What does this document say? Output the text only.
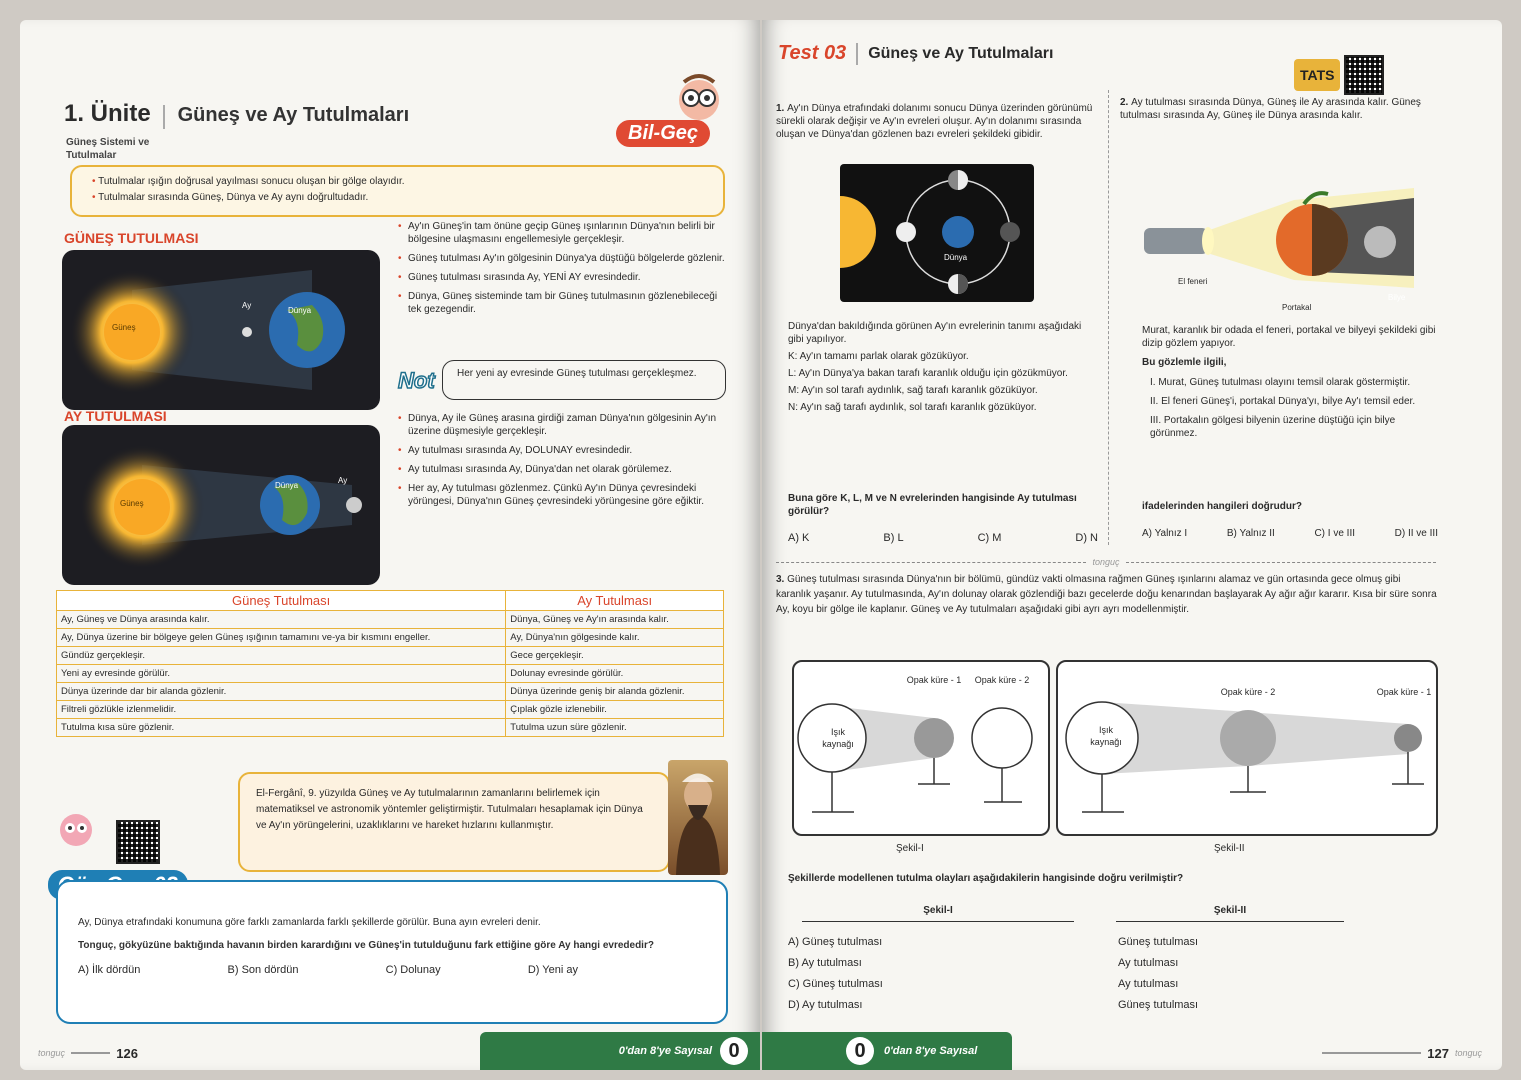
1. Ünite Güneş ve Ay Tutulmaları
Güneş Sistemi ve Tutulmalar
Bil-Geç
• Tutulmalar ışığın doğrusal yayılması sonucu oluşan bir gölge olayıdır.
• Tutulmalar sırasında Güneş, Dünya ve Ay aynı doğrultudadır.
GÜNEŞ TUTULMASI
Güneş
Ay
Dünya
• Ay'ın Güneş'in tam önüne geçip Güneş ışınlarının Dünya'nın belirli bir bölgesine ulaşmasını engellemesiyle gerçekleşir.
• Güneş tutulması Ay'ın gölgesinin Dünya'ya düştüğü bölgelerde gözlenir.
• Güneş tutulması sırasında Ay, YENİ AY evresindedir.
• Dünya, Güneş sisteminde tam bir Güneş tutulmasının gözlenebileceği tek gezegendir.
Not	Her yeni ay evresinde Güneş tutulması gerçekleşmez.
AY TUTULMASI
Güneş
Dünya
Ay
• Dünya, Ay ile Güneş arasına girdiği zaman Dünya'nın gölgesinin Ay'ın üzerine düşmesiyle gerçekleşir.
• Ay tutulması sırasında Ay, DOLUNAY evresindedir.
• Ay tutulması sırasında Ay, Dünya'dan net olarak görülemez.
• Her ay, Ay tutulması gözlenmez. Çünkü Ay'ın Dünya çevresindeki yörüngesi, Dünya'nın Güneş çevresindeki yörüngesine göre eğiktir.
Güneş Tutulması	Ay Tutulması
Ay, Güneş ve Dünya arasında kalır.	Dünya, Güneş ve Ay'ın arasında kalır.
Ay, Dünya üzerine bir bölgeye gelen Güneş ışığının tamamını ve-ya bir kısmını engeller.	Ay, Dünya'nın gölgesinde kalır.
Gündüz gerçekleşir.	Gece gerçekleşir.
Yeni ay evresinde görülür.	Dolunay evresinde görülür.
Dünya üzerinde dar bir alanda gözlenir.	Dünya üzerinde geniş bir alanda gözlenir.
Filtreli gözlükle izlenmelidir.	Çıplak gözle izlenebilir.
Tutulma kısa süre gözlenir.	Tutulma uzun süre gözlenir.
El-Fergânî, 9. yüzyılda Güneş ve Ay tutulmalarının zamanlarını belirlemek için matematiksel ve astronomik yöntemler geliştirmiştir. Tutulmaları hesaplamak için Dünya ve Ay'ın yörüngelerini, uzaklıklarını ve hareket hızlarını kullanmıştır.
Ay, Dünya etrafındaki konumuna göre farklı zamanlarda farklı şekillerde görülür. Buna ayın evreleri denir.
Tonguç, gökyüzüne baktığında havanın birden karardığını ve Güneş'in tutulduğunu fark ettiğine göre Ay hangi evrededir?
A) İlk dördün	B) Son dördün	C) Dolunay	D) Yeni ay
tonguç	126	0'dan 8'ye Sayısal 0
Test 03 Güneş ve Ay Tutulmaları
TATS
1. Ay'ın Dünya etrafındaki dolanımı sonucu Dünya üzerinden görünümü sürekli olarak değişir ve Ay'ın evreleri oluşur. Ay'ın dolanımı sırasında oluşan ve Dünya'dan gözlenen bazı evreleri şekildeki gibidir.
Dünya
Dünya'dan bakıldığında görünen Ay'ın evrelerinin tanımı aşağıdaki gibi yapılıyor.
K: Ay'ın tamamı parlak olarak gözüküyor.
L: Ay'ın Dünya'ya bakan tarafı karanlık olduğu için gözükmüyor.
M: Ay'ın sol tarafı aydınlık, sağ tarafı karanlık gözüküyor.
N: Ay'ın sağ tarafı aydınlık, sol tarafı karanlık gözüküyor.
Buna göre K, L, M ve N evrelerinden hangisinde Ay tutulması görülür?
A) K	B) L	C) M	D) N
2. Ay tutulması sırasında Dünya, Güneş ile Ay arasında kalır. Güneş tutulması sırasında Ay, Güneş ile Dünya arasında kalır.
El feneri
Portakal
Bilye
Murat, karanlık bir odada el feneri, portakal ve bilyeyi şekildeki gibi dizip gözlem yapıyor.
Bu gözlemle ilgili,
I. Murat, Güneş tutulması olayını temsil olarak göstermiştir.
II. El feneri Güneş'i, portakal Dünya'yı, bilye Ay'ı temsil eder.
III. Portakalın gölgesi bilyenin üzerine düştüğü için bilye görünmez.
ifadelerinden hangileri doğrudur?
A) Yalnız I	B) Yalnız II	C) I ve III	D) II ve III
tonguç
3. Güneş tutulması sırasında Dünya'nın bir bölümü, gündüz vakti olmasına rağmen Güneş ışınlarını alamaz ve gün ortasında gece olmuş gibi karanlık yaşanır. Ay tutulmasında, Ay'ın dolunay olarak gözlendiği bazı gecelerde doğu kenarından başlayarak Ay ağır ağır kararır. Kısa bir süre sonra Ay, koyu bir gölge ile kaplanır. Güneş ve Ay tutulmaları aşağıdaki gibi ayrı ayrı modellenmiştir.
Işık kaynağı
Opak küre - 1 Opak küre - 2
Şekil-I
Işık kaynağı
Opak küre - 2	Opak küre - 1
Şekil-II
Şekillerde modellenen tutulma olayları aşağıdakilerin hangisinde doğru verilmiştir?
Şekil-I	Şekil-II
A) Güneş tutulması	Güneş tutulması
B) Ay tutulması	Ay tutulması
C) Güneş tutulması	Ay tutulması
D) Ay tutulması	Güneş tutulması
0	0'dan 8'ye Sayısal	127 tonguç
